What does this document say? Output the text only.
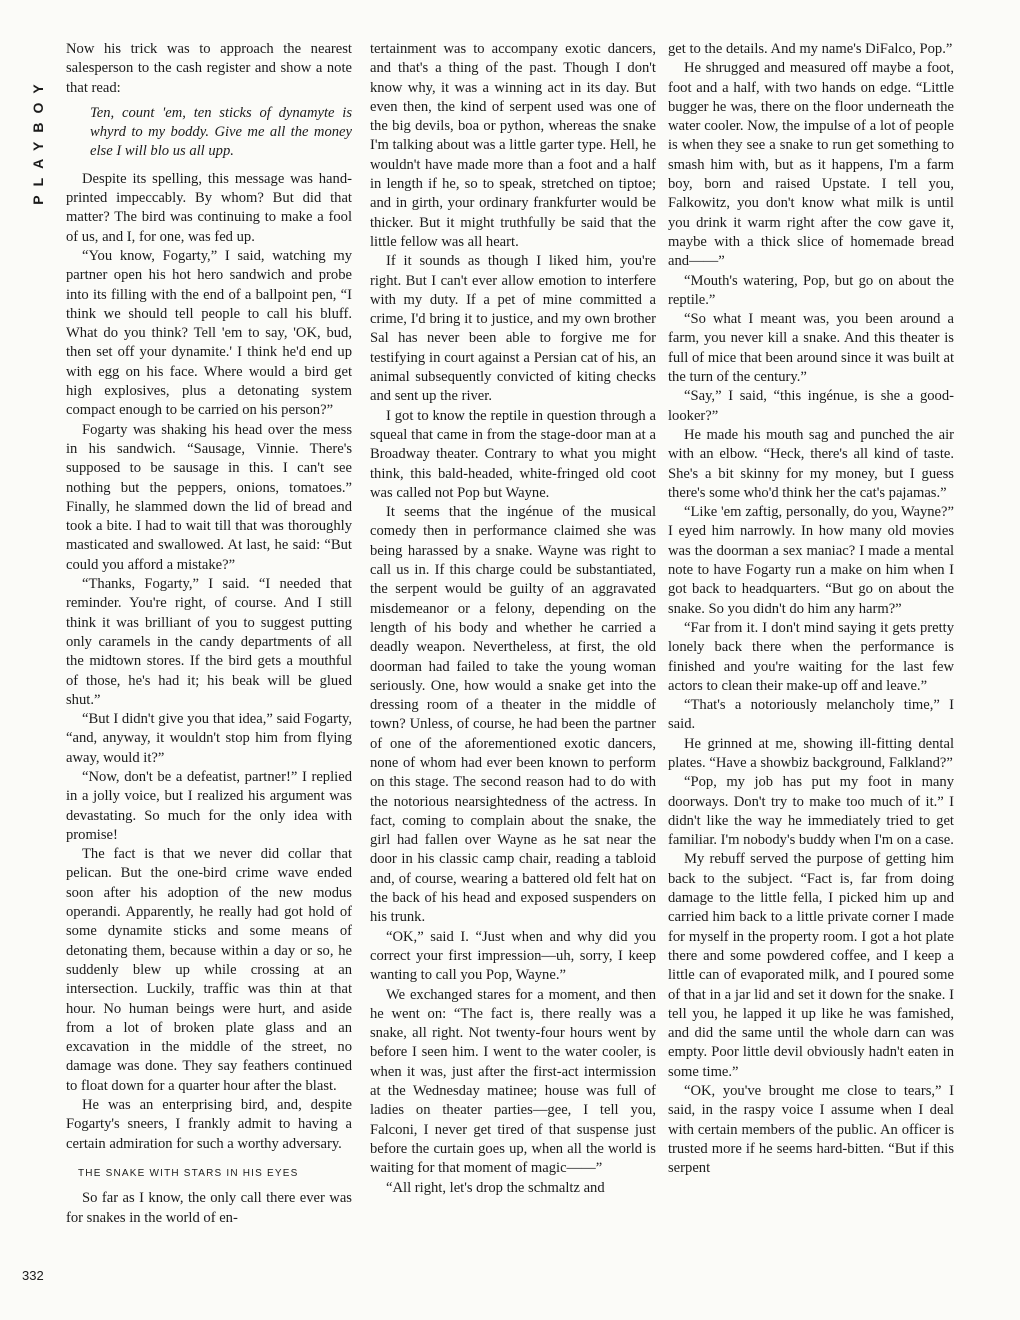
PLAYBOY
332

Now his trick was to approach the nearest salesperson to the cash register and show a note that read:

Ten, count 'em, ten sticks of dynamyte is whyrd to my boddy. Give me all the money else I will blo us all upp.

Despite its spelling, this message was hand-printed impeccably. By whom? But did that matter? The bird was continuing to make a fool of us, and I, for one, was fed up.

“You know, Fogarty,” I said, watching my partner open his hot hero sandwich and probe into its filling with the end of a ballpoint pen, “I think we should tell people to call his bluff. What do you think? Tell 'em to say, 'OK, bud, then set off your dynamite.' I think he'd end up with egg on his face. Where would a bird get high explosives, plus a detonating system compact enough to be carried on his person?”

Fogarty was shaking his head over the mess in his sandwich. “Sausage, Vinnie. There's supposed to be sausage in this. I can't see nothing but the peppers, onions, tomatoes.” Finally, he slammed down the lid of bread and took a bite. I had to wait till that was thoroughly masticated and swallowed. At last, he said: “But could you afford a mistake?”

“Thanks, Fogarty,” I said. “I needed that reminder. You're right, of course. And I still think it was brilliant of you to suggest putting only caramels in the candy departments of all the midtown stores. If the bird gets a mouthful of those, he's had it; his beak will be glued shut.”

“But I didn't give you that idea,” said Fogarty, “and, anyway, it wouldn't stop him from flying away, would it?”

“Now, don't be a defeatist, partner!” I replied in a jolly voice, but I realized his argument was devastating. So much for the only idea with promise!

The fact is that we never did collar that pelican. But the one-bird crime wave ended soon after his adoption of the new modus operandi. Apparently, he really had got hold of some dynamite sticks and some means of detonating them, because within a day or so, he suddenly blew up while crossing at an intersection. Luckily, traffic was thin at that hour. No human beings were hurt, and aside from a lot of broken plate glass and an excavation in the middle of the street, no damage was done. They say feathers continued to float down for a quarter hour after the blast.

He was an enterprising bird, and, despite Fogarty's sneers, I frankly admit to having a certain admiration for such a worthy adversary.

THE SNAKE WITH STARS IN HIS EYES

So far as I know, the only call there ever was for snakes in the world of en-

tertainment was to accompany exotic dancers, and that's a thing of the past. Though I don't know why, it was a winning act in its day. But even then, the kind of serpent used was one of the big devils, boa or python, whereas the snake I'm talking about was a little garter type. Hell, he wouldn't have made more than a foot and a half in length if he, so to speak, stretched on tiptoe; and in girth, your ordinary frankfurter would be thicker. But it might truthfully be said that the little fellow was all heart.

If it sounds as though I liked him, you're right. But I can't ever allow emotion to interfere with my duty. If a pet of mine committed a crime, I'd bring it to justice, and my own brother Sal has never been able to forgive me for testifying in court against a Persian cat of his, an animal subsequently convicted of kiting checks and sent up the river.

I got to know the reptile in question through a squeal that came in from the stage-door man at a Broadway theater. Contrary to what you might think, this bald-headed, white-fringed old coot was called not Pop but Wayne.

It seems that the ingénue of the musical comedy then in performance claimed she was being harassed by a snake. Wayne was right to call us in. If this charge could be substantiated, the serpent would be guilty of an aggravated misdemeanor or a felony, depending on the length of his body and whether he carried a deadly weapon. Nevertheless, at first, the old doorman had failed to take the young woman seriously. One, how would a snake get into the dressing room of a theater in the middle of town? Unless, of course, he had been the partner of one of the aforementioned exotic dancers, none of whom had ever been known to perform on this stage. The second reason had to do with the notorious nearsightedness of the actress. In fact, coming to complain about the snake, the girl had fallen over Wayne as he sat near the door in his classic camp chair, reading a tabloid and, of course, wearing a battered old felt hat on the back of his head and exposed suspenders on his trunk.

“OK,” said I. “Just when and why did you correct your first impression—uh, sorry, I keep wanting to call you Pop, Wayne.”

We exchanged stares for a moment, and then he went on: “The fact is, there really was a snake, all right. Not twenty-four hours went by before I seen him. I went to the water cooler, is when it was, just after the first-act intermission at the Wednesday matinee; house was full of ladies on theater parties—gee, I tell you, Falconi, I never get tired of that suspense just before the curtain goes up, when all the world is waiting for that moment of magic——”

“All right, let's drop the schmaltz and

get to the details. And my name's DiFalco, Pop.”

He shrugged and measured off maybe a foot, foot and a half, with two hands on edge. “Little bugger he was, there on the floor underneath the water cooler. Now, the impulse of a lot of people is when they see a snake to run get something to smash him with, but as it happens, I'm a farm boy, born and raised Upstate. I tell you, Falkowitz, you don't know what milk is until you drink it warm right after the cow gave it, maybe with a thick slice of homemade bread and——”

“Mouth's watering, Pop, but go on about the reptile.”

“So what I meant was, you been around a farm, you never kill a snake. And this theater is full of mice that been around since it was built at the turn of the century.”

“Say,” I said, “this ingénue, is she a good-looker?”

He made his mouth sag and punched the air with an elbow. “Heck, there's all kind of taste. She's a bit skinny for my money, but I guess there's some who'd think her the cat's pajamas.”

“Like 'em zaftig, personally, do you, Wayne?” I eyed him narrowly. In how many old movies was the doorman a sex maniac? I made a mental note to have Fogarty run a make on him when I got back to headquarters. “But go on about the snake. So you didn't do him any harm?”

“Far from it. I don't mind saying it gets pretty lonely back there when the performance is finished and you're waiting for the last few actors to clean their make-up off and leave.”

“That's a notoriously melancholy time,” I said.

He grinned at me, showing ill-fitting dental plates. “Have a showbiz background, Falkland?”

“Pop, my job has put my foot in many doorways. Don't try to make too much of it.” I didn't like the way he immediately tried to get familiar. I'm nobody's buddy when I'm on a case.

My rebuff served the purpose of getting him back to the subject. “Fact is, far from doing damage to the little fella, I picked him up and carried him back to a little private corner I made for myself in the property room. I got a hot plate there and some powdered coffee, and I keep a little can of evaporated milk, and I poured some of that in a jar lid and set it down for the snake. I tell you, he lapped it up like he was famished, and did the same until the whole darn can was empty. Poor little devil obviously hadn't eaten in some time.”

“OK, you've brought me close to tears,” I said, in the raspy voice I assume when I deal with certain members of the public. An officer is trusted more if he seems hard-bitten. “But if this serpent
